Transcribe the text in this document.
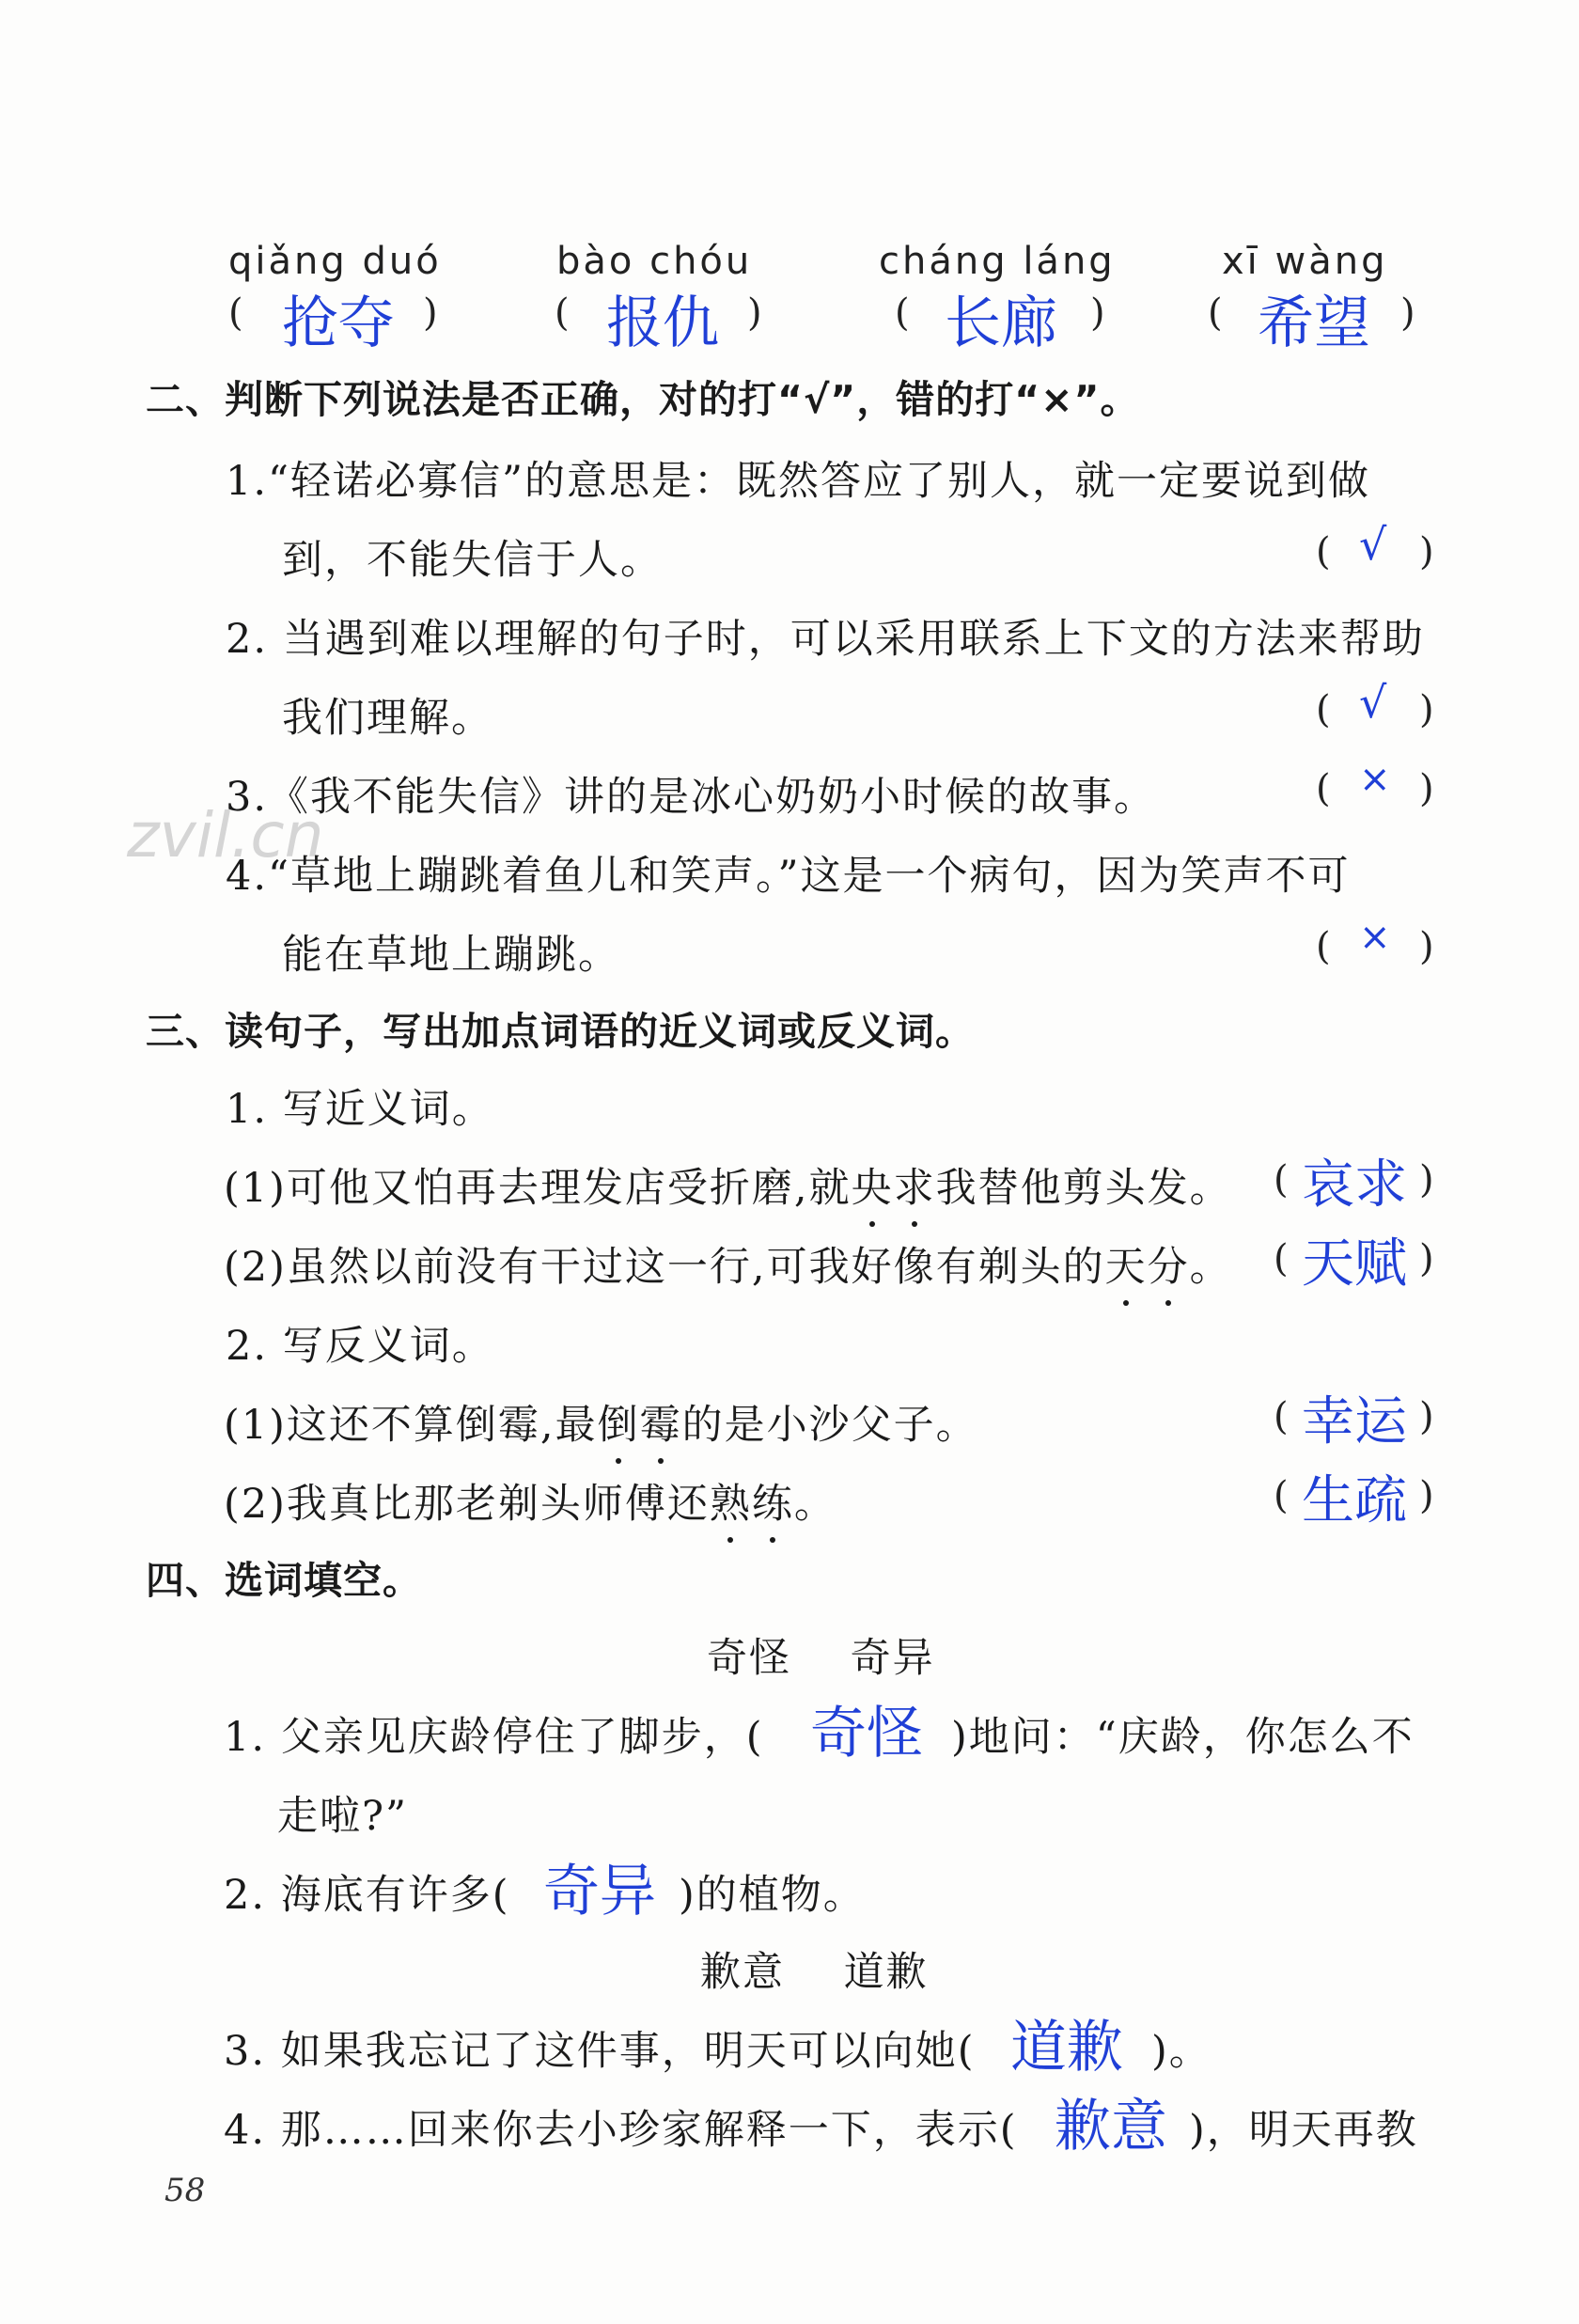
qiǎng duó	bào chóu	cháng láng	xī wàng
( 抢夺 )	( 报仇 )	( 长廊 )	( 希望 )
二、判断下列说法是否正确，对的打“√”，错的打“×”。
1.“轻诺必寡信”的意思是：既然答应了别人，就一定要说到做
到，不能失信于人。	( √ )
2. 当遇到难以理解的句子时，可以采用联系上下文的方法来帮助
我们理解。	( √ )
3.《我不能失信》讲的是冰心奶奶小时候的故事。	( × )
zvil.cn
4.“草地上蹦跳着鱼儿和笑声。”这是一个病句，因为笑声不可
能在草地上蹦跳。	( × )
三、读句子，写出加点词语的近义词或反义词。
1. 写近义词。
(1)可他又怕再去理发店受折磨,就央求我替他剪头发。 ( 哀求 )
(2)虽然以前没有干过这一行,可我好像有剃头的天分。 ( 天赋 )
2. 写反义词。
(1)这还不算倒霉,最倒霉的是小沙父子。	( 幸运 )
(2)我真比那老剃头师傅还熟练。	( 生疏 )
四、选词填空。
奇怪    奇异
1. 父亲见庆龄停住了脚步，( 奇怪 )地问：“庆龄，你怎么不
走啦?”
2. 海底有许多( 奇异 )的植物。
歉意    道歉
3. 如果我忘记了这件事，明天可以向她( 道歉 )。
4. 那……回来你去小珍家解释一下，表示( 歉意 )，明天再教
58
